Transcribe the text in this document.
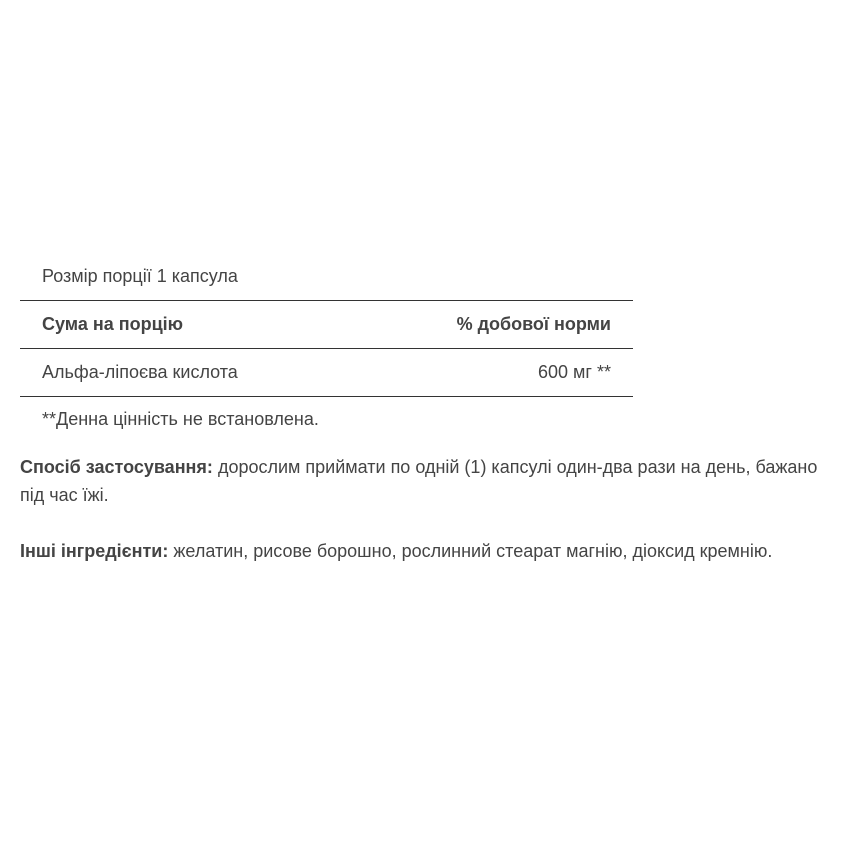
Розмір порції 1 капсула
Сума на порцію	% добової норми
Альфа-ліпоєва кислота	600 мг **
**Денна цінність не встановлена.
Спосіб застосування: дорослим приймати по одній (1) капсулі один-два рази на день, бажано під час їжі.
Інші інгредієнти: желатин, рисове борошно, рослинний стеарат магнію, діоксид кремнію.
